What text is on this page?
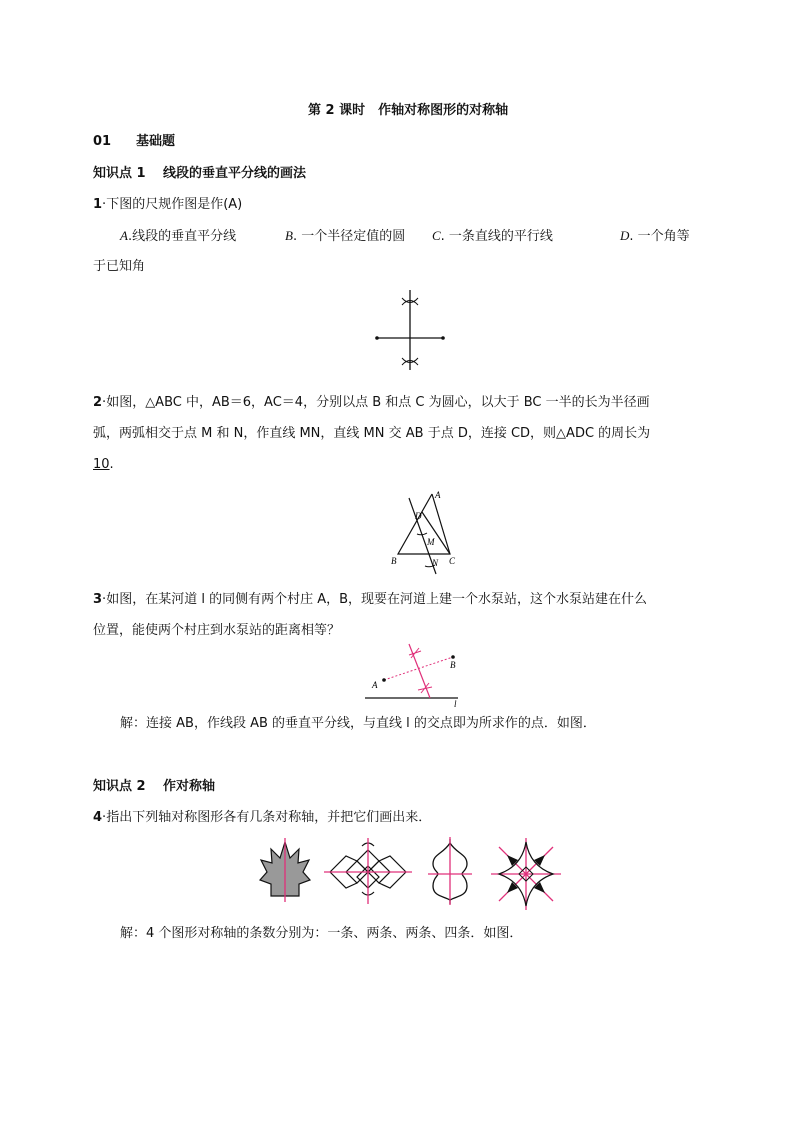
第 2 课时　作轴对称图形的对称轴
01 基础题
知识点 1 线段的垂直平分线的画法
1·下图的尺规作图是作(A)
A.线段的垂直平分线	B. 一个半径定值的圆 C. 一条直线的平行线	D. 一个角等
于已知角
2·如图，△ABC 中，AB＝6，AC＝4，分别以点 B 和点 C 为圆心，以大于 BC 一半的长为半径画
弧，两弧相交于点 M 和 N，作直线 MN，直线 MN 交 AB 于点 D，连接 CD，则△ADC 的周长为
10.
A
D
M
N
B	C
3·如图，在某河道 l 的同侧有两个村庄 A，B，现要在河道上建一个水泵站，这个水泵站建在什么
位置，能使两个村庄到水泵站的距离相等？
A
B
l
解：连接 AB，作线段 AB 的垂直平分线，与直线 l 的交点即为所求作的点．如图．
知识点 2 作对称轴
4·指出下列轴对称图形各有几条对称轴，并把它们画出来．
解：4 个图形对称轴的条数分别为：一条、两条、两条、四条．如图．
